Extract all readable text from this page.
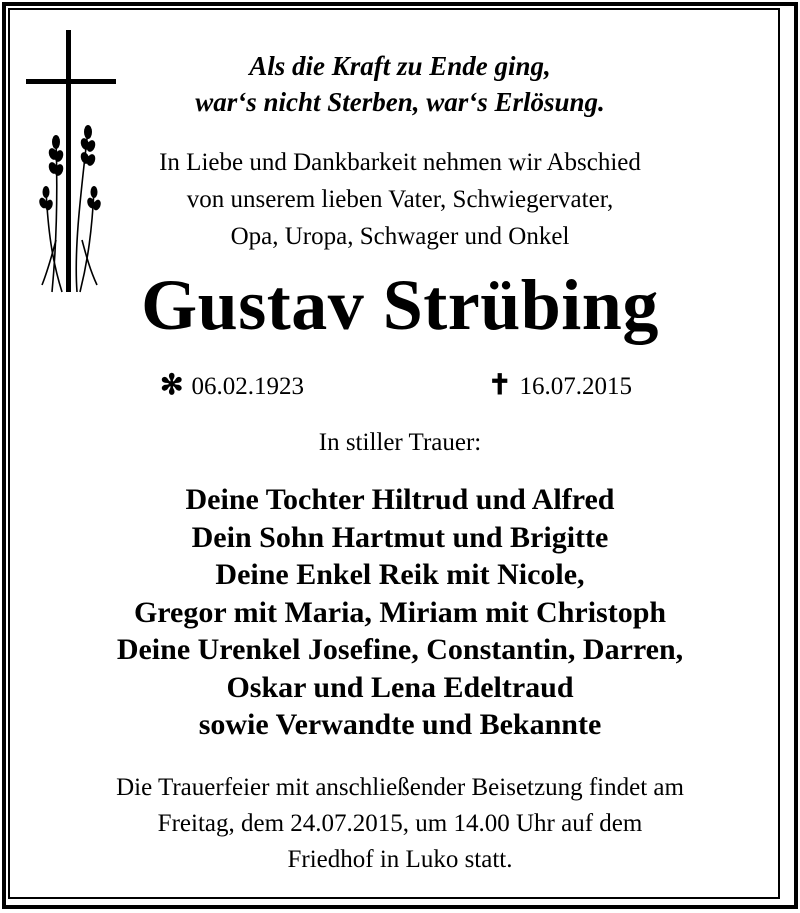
Als die Kraft zu Ende ging,
war‘s nicht Sterben, war‘s Erlösung.
In Liebe und Dankbarkeit nehmen wir Abschied
von unserem lieben Vater, Schwiegervater,
Opa, Uropa, Schwager und Onkel
Gustav Strübing
✻ 06.02.1923	✝ 16.07.2015
In stiller Trauer:
Deine Tochter Hiltrud und Alfred
Dein Sohn Hartmut und Brigitte
Deine Enkel Reik mit Nicole,
Gregor mit Maria, Miriam mit Christoph
Deine Urenkel Josefine, Constantin, Darren,
Oskar und Lena Edeltraud
sowie Verwandte und Bekannte
Die Trauerfeier mit anschließender Beisetzung findet am
Freitag, dem 24.07.2015, um 14.00 Uhr auf dem
Friedhof in Luko statt.
